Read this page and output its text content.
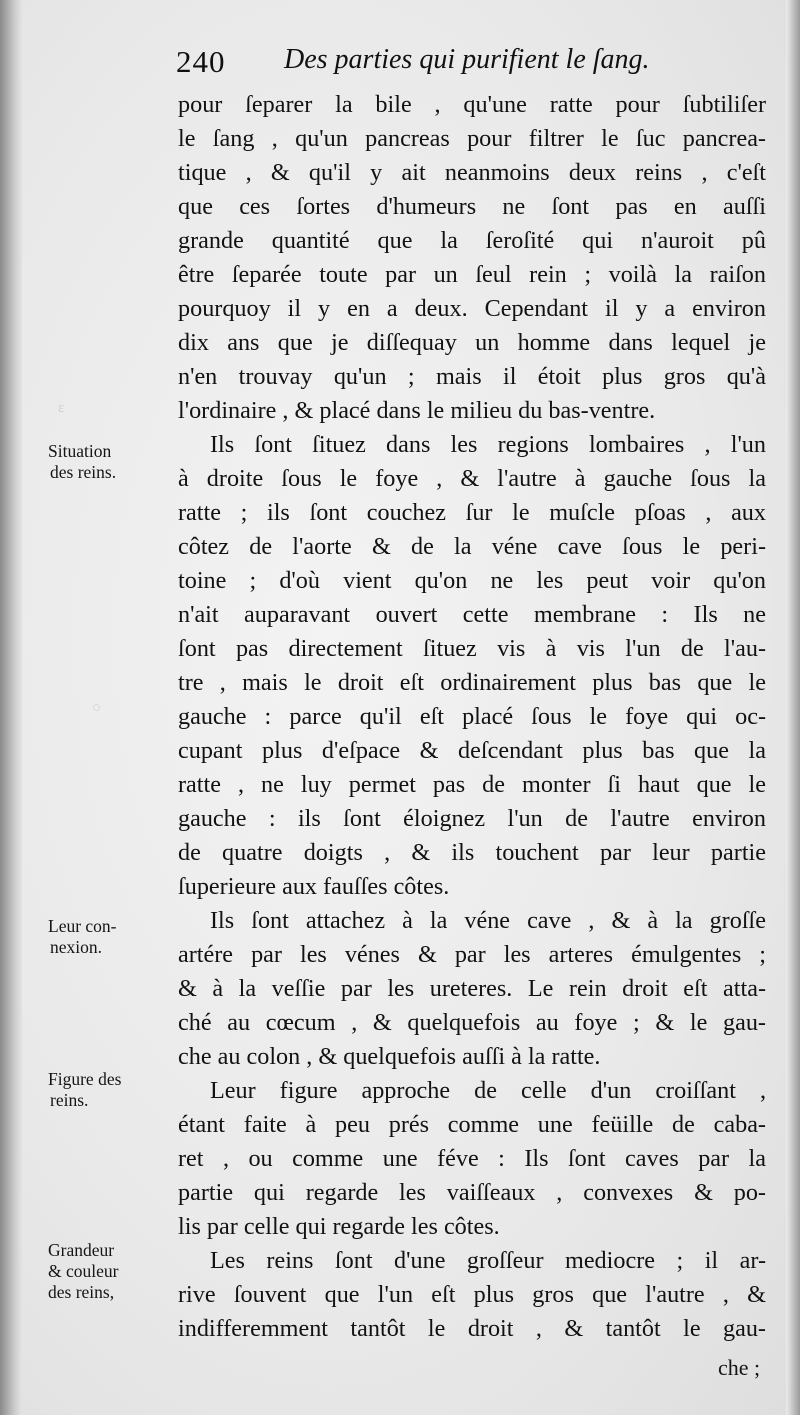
ɛ
○
240 Des parties qui purifient le ſang.
Situation
des reins.
Leur con-
nexion.
Figure des
reins.
Grandeur
& couleur
des reins,
pour ſeparer la bile , qu'une ratte pour ſubtiliſer
le ſang , qu'un pancreas pour filtrer le ſuc pancrea-
tique , & qu'il y ait neanmoins deux reins , c'eſt
que ces ſortes d'humeurs ne ſont pas en auſſi
grande quantité que la ſeroſité qui n'auroit pû
être ſeparée toute par un ſeul rein ; voilà la raiſon
pourquoy il y en a deux. Cependant il y a environ
dix ans que je diſſequay un homme dans lequel je
n'en trouvay qu'un ; mais il étoit plus gros qu'à
l'ordinaire , & placé dans le milieu du bas-ventre.
Ils ſont ſituez dans les regions lombaires , l'un
à droite ſous le foye , & l'autre à gauche ſous la
ratte ; ils ſont couchez ſur le muſcle pſoas , aux
côtez de l'aorte & de la véne cave ſous le peri-
toine ; d'où vient qu'on ne les peut voir qu'on
n'ait auparavant ouvert cette membrane : Ils ne
ſont pas directement ſituez vis à vis l'un de l'au-
tre , mais le droit eſt ordinairement plus bas que le
gauche : parce qu'il eſt placé ſous le foye qui oc-
cupant plus d'eſpace & deſcendant plus bas que la
ratte , ne luy permet pas de monter ſi haut que le
gauche : ils ſont éloignez l'un de l'autre environ
de quatre doigts , & ils touchent par leur partie
ſuperieure aux fauſſes côtes.
Ils ſont attachez à la véne cave , & à la groſſe
artére par les vénes & par les arteres émulgentes ;
& à la veſſie par les ureteres. Le rein droit eſt atta-
ché au cœcum , & quelquefois au foye ; & le gau-
che au colon , & quelquefois auſſi à la ratte.
Leur figure approche de celle d'un croiſſant ,
étant faite à peu prés comme une feüille de caba-
ret , ou comme une féve : Ils ſont caves par la
partie qui regarde les vaiſſeaux , convexes & po-
lis par celle qui regarde les côtes.
Les reins ſont d'une groſſeur mediocre ; il ar-
rive ſouvent que l'un eſt plus gros que l'autre , &
indifferemment tantôt le droit , & tantôt le gau-
che ;
